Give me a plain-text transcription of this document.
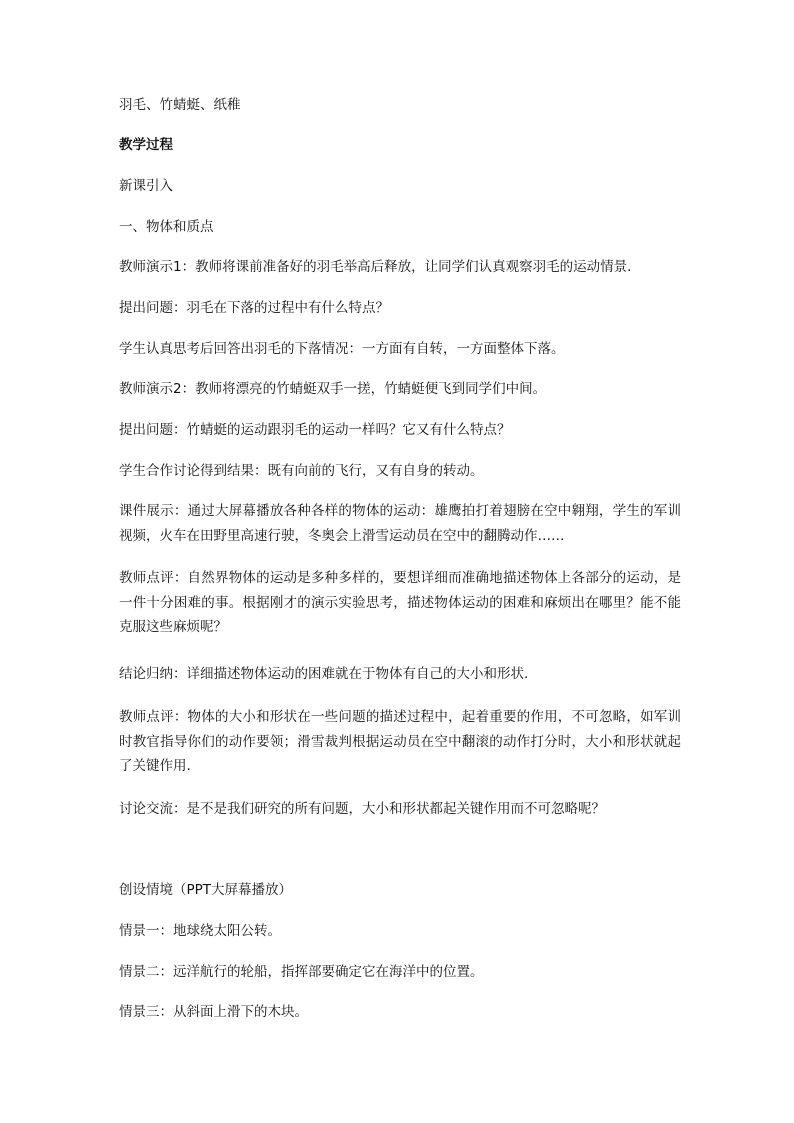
羽毛、竹蜻蜓、纸稚
教学过程
新课引入
一、物体和质点
教师演示1：教师将课前准备好的羽毛举高后释放，让同学们认真观察羽毛的运动情景.
提出问题：羽毛在下落的过程中有什么特点？
学生认真思考后回答出羽毛的下落情况：一方面有自转，一方面整体下落。
教师演示2：教师将漂亮的竹蜻蜓双手一搓，竹蜻蜓便飞到同学们中间。
提出问题：竹蜻蜓的运动跟羽毛的运动一样吗？它又有什么特点？
学生合作讨论得到结果：既有向前的飞行，又有自身的转动。
课件展示：通过大屏幕播放各种各样的物体的运动：雄鹰拍打着翅膀在空中翱翔，学生的军训视频，火车在田野里高速行驶，冬奥会上滑雪运动员在空中的翻腾动作……
教师点评：自然界物体的运动是多种多样的，要想详细而准确地描述物体上各部分的运动，是一件十分困难的事。根据刚才的演示实验思考，描述物体运动的困难和麻烦出在哪里？能不能克服这些麻烦呢？
结论归纳：详细描述物体运动的困难就在于物体有自己的大小和形状.
教师点评：物体的大小和形状在一些问题的描述过程中，起着重要的作用，不可忽略，如军训时教官指导你们的动作要领；滑雪裁判根据运动员在空中翻滚的动作打分时，大小和形状就起了关键作用.
讨论交流：是不是我们研究的所有问题，大小和形状都起关键作用而不可忽略呢？
创设情境（PPT大屏幕播放）
情景一：地球绕太阳公转。
情景二：远洋航行的轮船，指挥部要确定它在海洋中的位置。
情景三：从斜面上滑下的木块。
